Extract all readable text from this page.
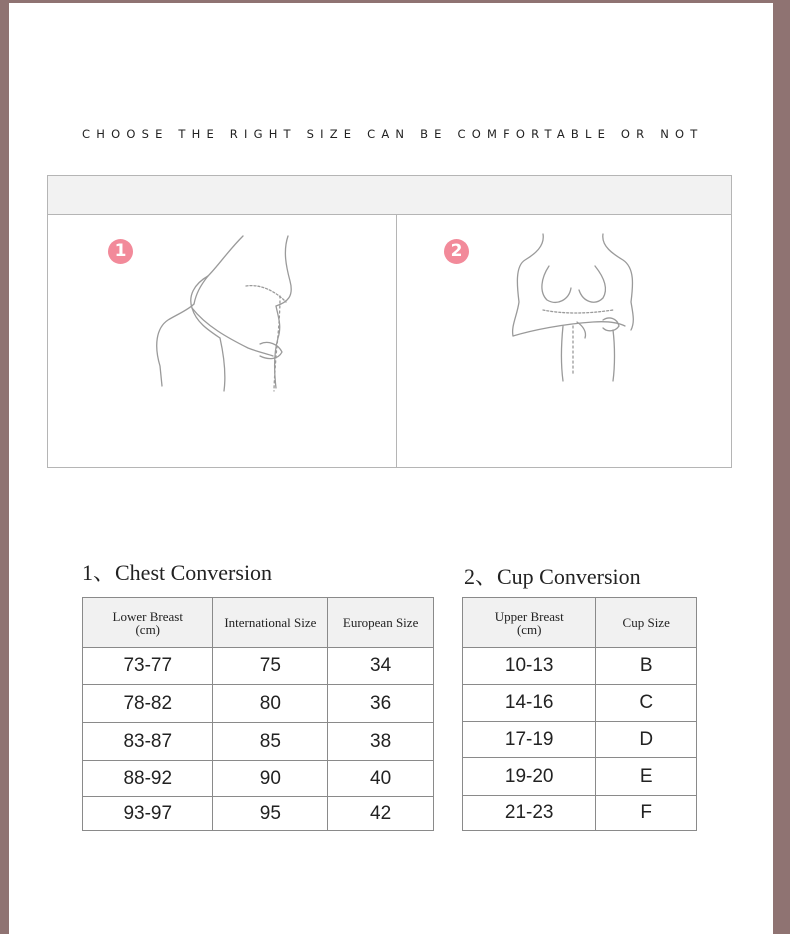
CHOOSE THE RIGHT SIZE CAN BE COMFORTABLE OR NOT
1	2
1、Chest Conversion
Lower Breast
(cm)	International Size	European Size
73-77	75	34
78-82	80	36
83-87	85	38
88-92	90	40
93-97	95	42
2、Cup Conversion
Upper Breast
(cm)	Cup Size
10-13	B
14-16	C
17-19	D
19-20	E
21-23	F
